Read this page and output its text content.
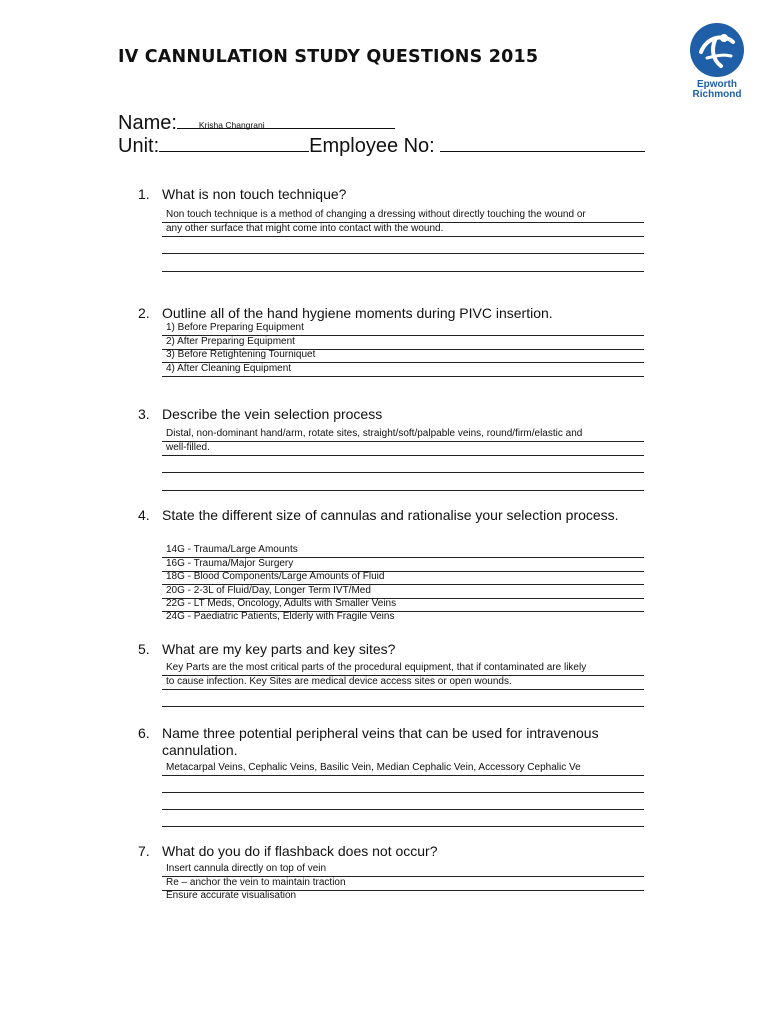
IV CANNULATION STUDY QUESTIONS 2015
Epworth
Richmond
Name:	Krisha Changrani
Unit:	Employee No:
1. What is non touch technique?
Non touch technique is a method of changing a dressing without directly touching the wound or
any other surface that might come into contact with the wound.
2. Outline all of the hand hygiene moments during PIVC insertion.
1) Before Preparing Equipment
2) After Preparing Equipment
3) Before Retightening Tourniquet
4) After Cleaning Equipment
3. Describe the vein selection process
Distal, non-dominant hand/arm, rotate sites, straight/soft/palpable veins, round/firm/elastic and
well-filled.
4. State the different size of cannulas and rationalise your selection process.
14G - Trauma/Large Amounts
16G - Trauma/Major Surgery
18G - Blood Components/Large Amounts of Fluid
20G - 2-3L of Fluid/Day, Longer Term IVT/Med
22G - LT Meds, Oncology, Adults with Smaller Veins
24G - Paediatric Patients, Elderly with Fragile Veins
5. What are my key parts and key sites?
Key Parts are the most critical parts of the procedural equipment, that if contaminated are likely
to cause infection. Key Sites are medical device access sites or open wounds.
6. Name three potential peripheral veins that can be used for intravenous cannulation.
Metacarpal Veins, Cephalic Veins, Basilic Vein, Median Cephalic Vein, Accessory Cephalic Ve
7. What do you do if flashback does not occur?
Insert cannula directly on top of vein
Re – anchor the vein to maintain traction
Ensure accurate visualisation
